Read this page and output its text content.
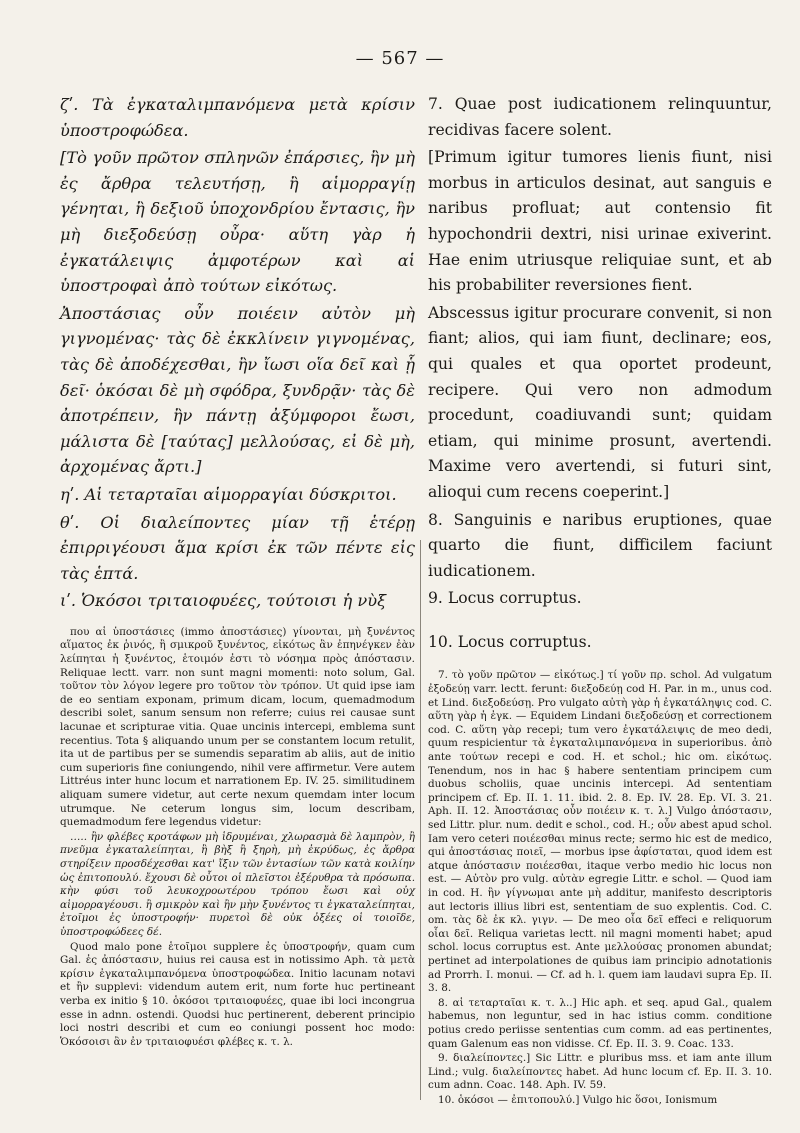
— 567 —

ζʹ. Τὰ ἐγκαταλιμπανόμενα μετὰ κρίσιν ὑποστροφώδεα.

[Τὸ γοῦν πρῶτον σπληνῶν ἐπάρσιες, ἢν μὴ ἐς ἄρθρα τελευτήσῃ, ἢ αἱμορραγίῃ γένηται, ἢ δεξιοῦ ὑποχονδρίου ἔντασις, ἢν μὴ διεξοδεύσῃ οὖρα· αὕτη γὰρ ἡ ἐγκατάλειψις ἀμφοτέρων καὶ αἱ ὑποστροφαὶ ἀπὸ τούτων εἰκότως.

Ἀποστάσιας οὖν ποιέειν αὐτὸν μὴ γιγνομένας· τὰς δὲ ἐκκλίνειν γιγνομένας, τὰς δὲ ἀποδέχεσθαι, ἢν ἴωσι οἵα δεῖ καὶ ᾗ δεῖ· ὁκόσαι δὲ μὴ σφόδρα, ξυνδρᾷν· τὰς δὲ ἀποτρέπειν, ἢν πάντῃ ἀξύμφοροι ἔωσι, μάλιστα δὲ [ταύτας] μελλούσας, εἰ δὲ μὴ, ἀρχομένας ἄρτι.]

ηʹ. Αἱ τεταρταῖαι αἱμορραγίαι δύσκριτοι.

θʹ. Οἱ διαλείποντες μίαν τῇ ἑτέρῃ ἐπιρριγέουσι ἅμα κρίσι ἐκ τῶν πέντε εἰς τὰς ἑπτά.

ιʹ. Ὁκόσοι τριταιοφυέες, τούτοισι ἡ νὺξ

που αἱ ὑποστάσιες (immo ἀποστάσιες) γίνονται, μὴ ξυνέντος αἵματος ἐκ ῥινός, ἢ σμικροῦ ξυνέντος, εἰκότως ἂν ἐπηνέγκεν ἐὰν λείπηται ἡ ξυνέντος, ἑτοιμόν ἐστι τὸ νόσημα πρὸς ἀπόστασιν. Reliquae lectt. varr. non sunt magni momenti: noto solum, Gal. τοῦτον τὸν λόγον legere pro τοῦτον τὸν τρόπον. Ut quid ipse iam de eo sentiam exponam, primum dicam, locum, quemadmodum describi solet, sanum sensum non referre; cuius rei causae sunt lacunae et scripturae vitia. Quae uncinis intercepi, emblema sunt recentius. Tota § aliquando unum per se constantem locum retulit, ita ut de partibus per se sumendis separatim ab aliis, aut de initio cum superioris fine coniungendo, nihil vere affirmetur. Vere autem Littréus inter hunc locum et narrationem Ep. IV. 25. similitudinem aliquam sumere videtur, aut certe nexum quemdam inter locum utrumque. Ne ceterum longus sim, locum describam, quemadmodum fere legendus videtur:

….. ἢν φλέβες κροτάφων μὴ ἱδρυμέναι, χλωρασμὰ δὲ λαμπρὸν, ἢ πνεῦμα ἐγκαταλείπηται, ἢ βὴξ ἢ ξηρὴ, μὴ ἐκρύδως, ἐς ἄρθρα στηρίξειν προσδέχεσθαι κατ' ἴξιν τῶν ἐντασίων τῶν κατὰ κοιλίην ὡς ἐπιτοπουλύ. ἔχουσι δὲ οὗτοι οἱ πλεῖστοι ἐξέρυθρα τὰ πρόσωπα. κὴν φύσι τοῦ λευκοχροωτέρου τρόπου ἔωσι καὶ οὐχ αἱμορραγέουσι. ἢ σμικρὸν καὶ ἢν μὴν ξυνέντος τι ἐγκαταλείπηται, ἑτοῖμοι ἐς ὑποστροφήν· πυρετοὶ δὲ οὐκ ὀξέες οἱ τοιοῖδε, ὑποστροφώδεες δέ.

Quod malo pone ἑτοῖμοι supplere ἐς ὑποστροφήν, quam cum Gal. ἐς ἀπόστασιν, huius rei causa est in notissimo Aph. τὰ μετὰ κρίσιν ἐγκαταλιμπανόμενα ὑποστροφώδεα. Initio lacunam notavi et ἢν supplevi: videndum autem erit, num forte huc pertineant verba ex initio § 10. ὁκόσοι τριταιοφυέες, quae ibi loci incongrua esse in adnn. ostendi. Quodsi huc pertinerent, deberent principio loci nostri describi et cum eo coniungi possent hoc modo: Ὁκόσοισι ἂν ἐν τριταιοφυέσι φλέβες κ. τ. λ.

7. Quae post iudicationem relinquuntur, recidivas facere solent.

[Primum igitur tumores lienis fiunt, nisi morbus in articulos desinat, aut sanguis e naribus profluat; aut contensio fit hypochondrii dextri, nisi urinae exiverint. Hae enim utriusque reliquiae sunt, et ab his probabiliter reversiones fient.

Abscessus igitur procurare convenit, si non fiant; alios, qui iam fiunt, declinare; eos, qui quales et qua oportet prodeunt, recipere. Qui vero non admodum procedunt, coadiuvandi sunt; quidam etiam, qui minime prosunt, avertendi. Maxime vero avertendi, si futuri sint, alioqui cum recens coeperint.]

8. Sanguinis e naribus eruptiones, quae quarto die fiunt, difficilem faciunt iudicationem.

9. Locus corruptus.

10. Locus corruptus.

7. τὸ γοῦν πρῶτον — εἰκότως.] τί γοῦν πρ. schol. Ad vulgatum ἐξοδεύῃ varr. lectt. ferunt: διεξοδεύῃ cod H. Par. in m., unus cod. et Lind. διεξοδεύσῃ. Pro vulgato αὐτὴ γὰρ ἡ ἐγκατάληψις cod. C. αὕτη γὰρ ἡ ἐγκ. — Equidem Lindani διεξοδεύσῃ et correctionem cod. C. αὕτη γὰρ recepi; tum vero ἐγκατάλειψις de meo dedi, quum respicientur τὰ ἐγκαταλιμπανόμενα in superioribus. ἀπὸ ante τούτων recepi e cod. H. et schol.; hic om. εἰκότως. Tenendum, nos in hac § habere sententiam principem cum duobus scholiis, quae uncinis intercepi. Ad sententiam principem cf. Ep. II. 1. 11. ibid. 2. 8. Ep. IV. 28. Ep. VI. 3. 21. Aph. II. 12. Ἀποστάσιας οὖν ποιέειν κ. τ. λ.] Vulgo ἀπόστασιν, sed Littr. plur. num. dedit e schol., cod. H.; οὖν abest apud schol. Iam vero ceteri ποιέεσθαι minus recte; sermo hic est de medico, qui ἀποστάσιας ποιεῖ, — morbus ipse ἀφίσταται, quod idem est atque ἀπόστασιν ποιέεσθαι, itaque verbo medio hic locus non est. — Αὐτὸν pro vulg. αὐτὰν egregie Littr. e schol. — Quod iam in cod. H. ἢν γίγνωμαι ante μὴ additur, manifesto descriptoris aut lectoris illius libri est, sententiam de suo explentis. Cod. C. om. τὰς δὲ ἐκ κλ. γιγν. — De meo οἷα δεῖ effeci e reliquorum οἷαι δεῖ. Reliqua varietas lectt. nil magni momenti habet; apud schol. locus corruptus est. Ante μελλούσας pronomen abundat; pertinet ad interpolationes de quibus iam principio adnotationis ad Prorrh. I. monui. — Cf. ad h. l. quem iam laudavi supra Ep. II. 3. 8.

8. αἱ τεταρταῖαι κ. τ. λ..] Hic aph. et seq. apud Gal., qualem habemus, non leguntur, sed in hac istius comm. conditione potius credo periisse sententias cum comm. ad eas pertinentes, quam Galenum eas non vidisse. Cf. Ep. II. 3. 9. Coac. 133.

9. διαλείποντες.] Sic Littr. e pluribus mss. et iam ante illum Lind.; vulg. διαλείποντες habet. Ad hunc locum cf. Ep. II. 3. 10. cum adnn. Coac. 148. Aph. IV. 59.

10. ὁκόσοι — ἐπιτοπουλύ.] Vulgo hic ὅσοι, Ionismum
